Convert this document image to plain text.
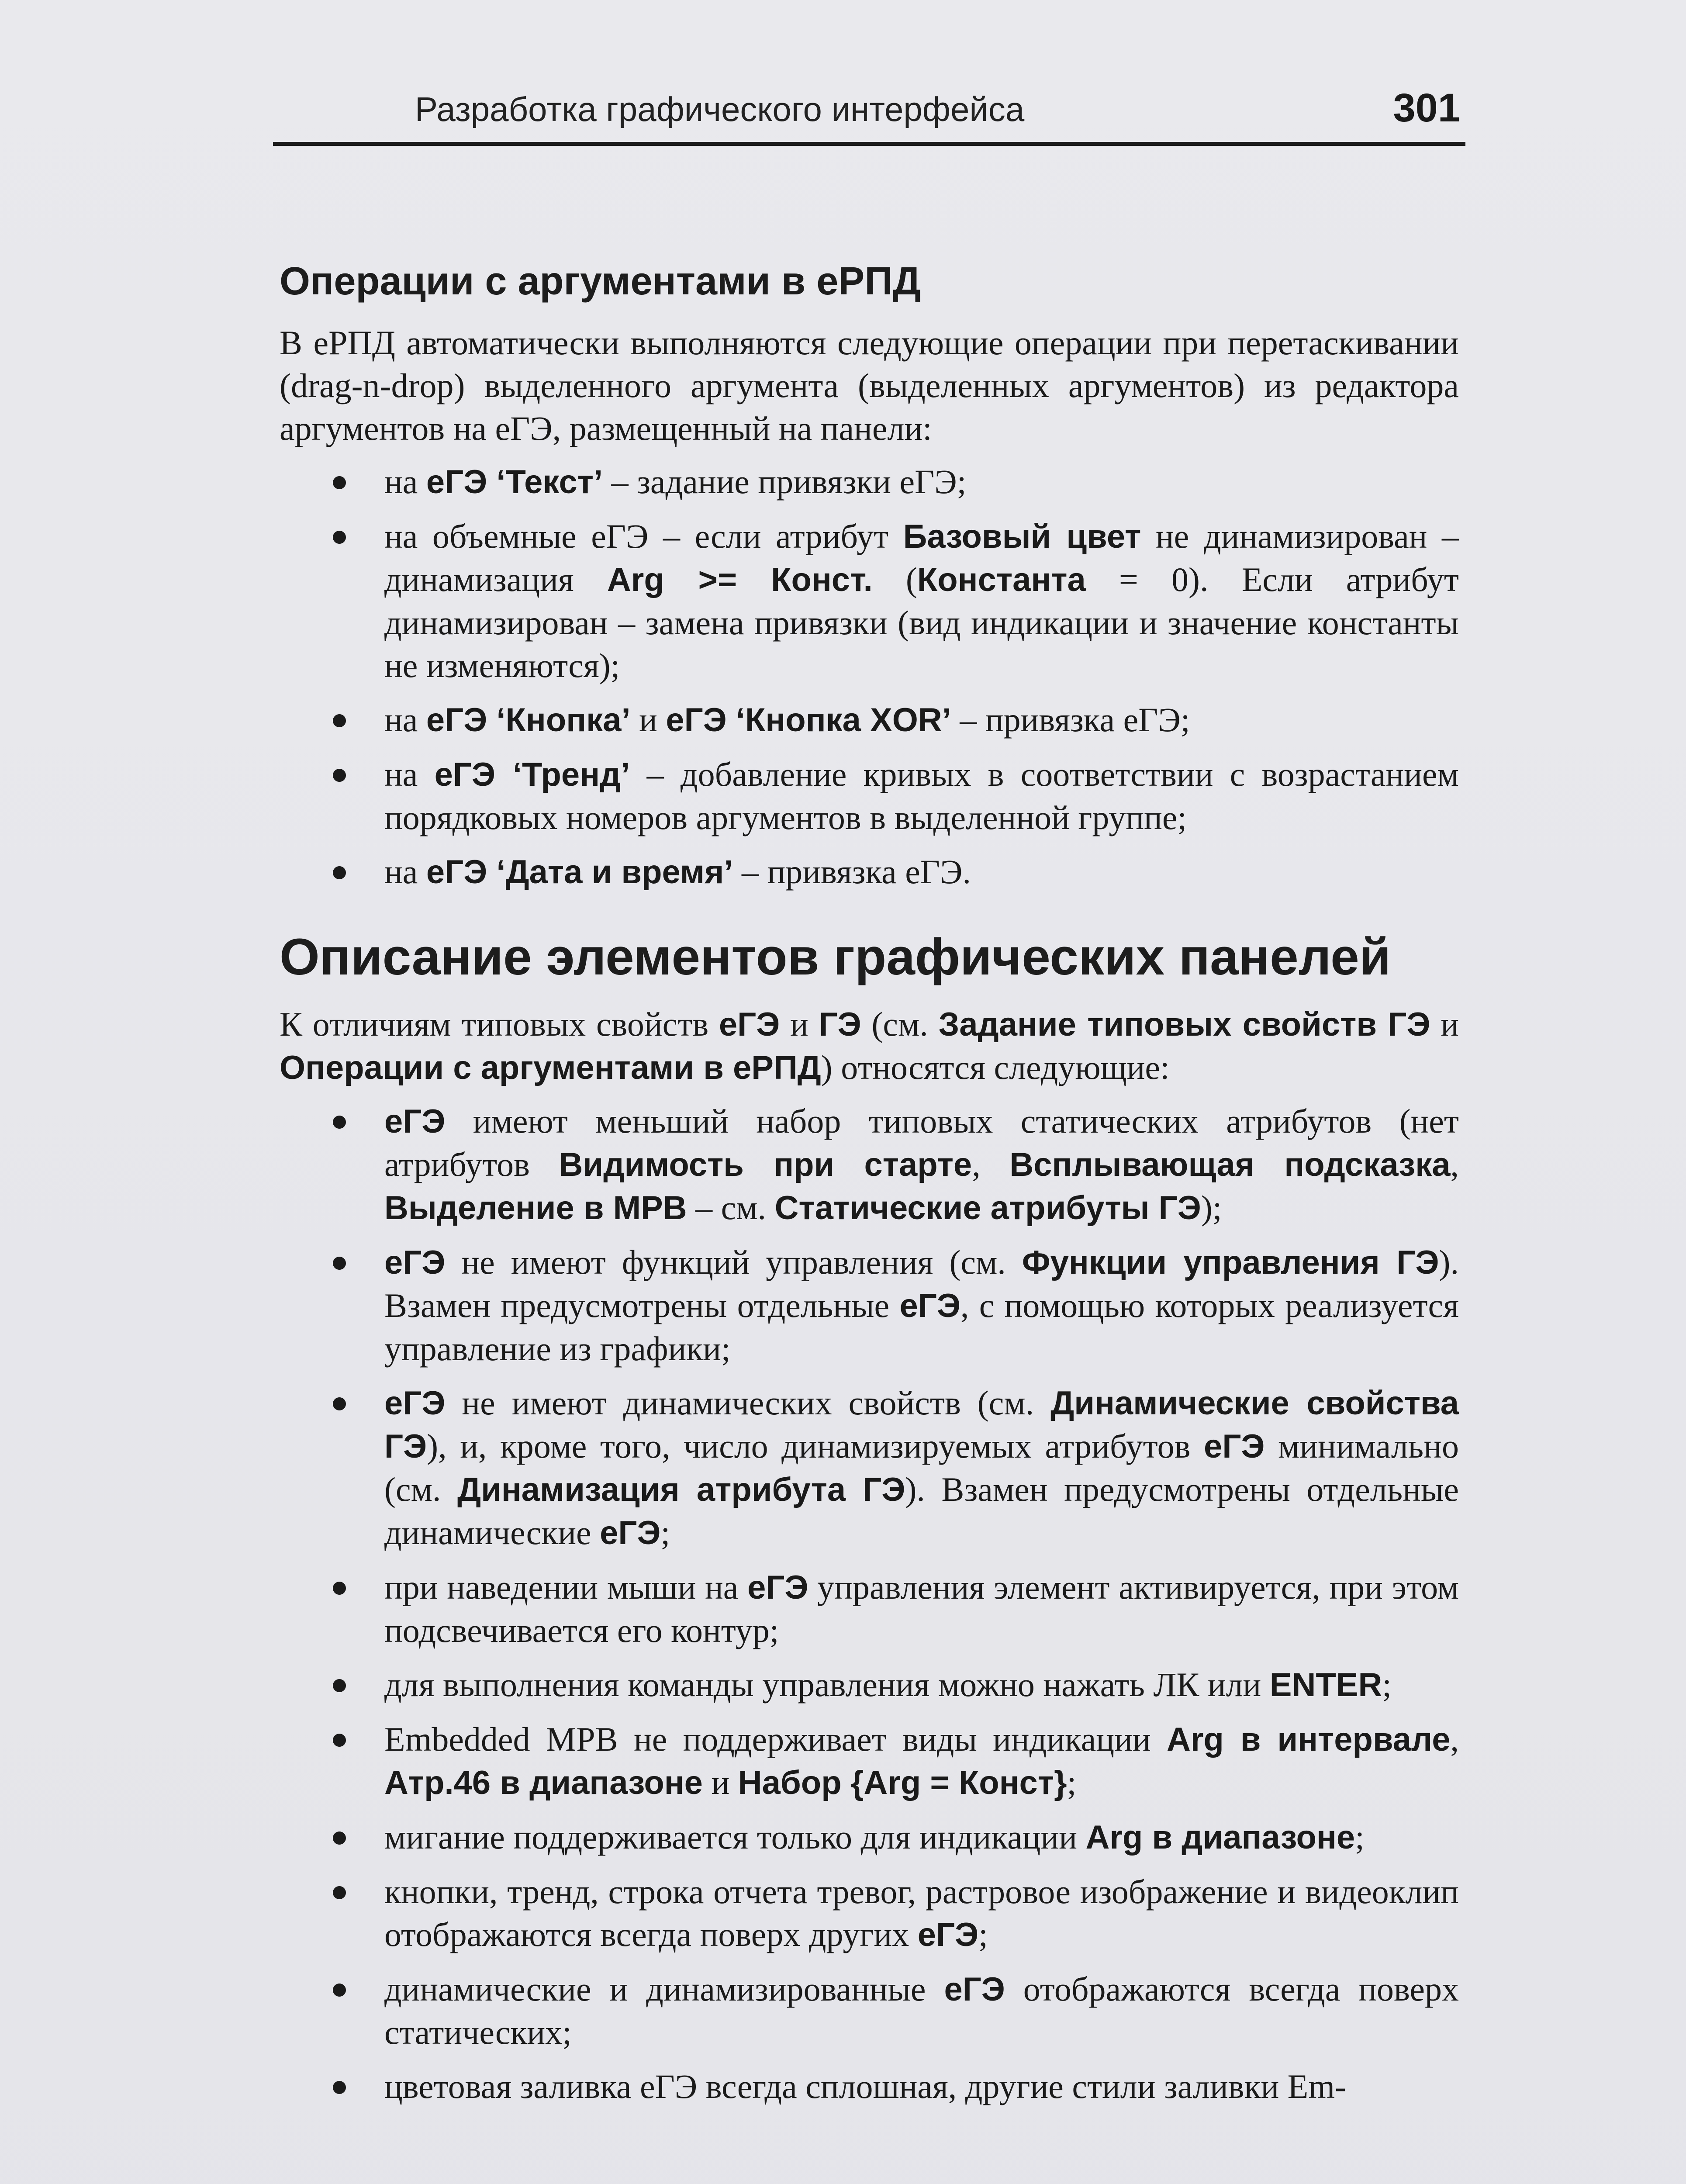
Разработка графического интерфейса	301
Операции с аргументами в еРПД

В еРПД автоматически выполняются следующие операции при перетаскивании (drag-n-drop) выделенного аргумента (выделенных аргументов) из редактора аргументов на еГЭ, размещенный на панели:

на еГЭ ‘Текст’ – задание привязки еГЭ;
на объемные еГЭ – если атрибут Базовый цвет не динамизирован – динамизация Arg >= Конст. (Константа = 0). Если атрибут динамизирован – замена привязки (вид индикации и значение константы не изменяются);
на еГЭ ‘Кнопка’ и еГЭ ‘Кнопка XOR’ – привязка еГЭ;
на еГЭ ‘Тренд’ – добавление кривых в соответствии с возрастанием порядковых номеров аргументов в выделенной группе;
на еГЭ ‘Дата и время’ – привязка еГЭ.
Описание элементов графических панелей

К отличиям типовых свойств еГЭ и ГЭ (см. Задание типовых свойств ГЭ и Операции с аргументами в еРПД) относятся следующие:

еГЭ имеют меньший набор типовых статических атрибутов (нет атрибутов Видимость при старте, Всплывающая подсказка, Выделение в МРВ – см. Статические атрибуты ГЭ);
еГЭ не имеют функций управления (см. Функции управления ГЭ). Взамен предусмотрены отдельные еГЭ, с помощью которых реализуется управление из графики;
еГЭ не имеют динамических свойств (см. Динамические свойства ГЭ), и, кроме того, число динамизируемых атрибутов еГЭ минимально (см. Динамизация атрибута ГЭ). Взамен предусмотрены отдельные динамические еГЭ;
при наведении мыши на еГЭ управления элемент активируется, при этом подсвечивается его контур;
для выполнения команды управления можно нажать ЛК или ENTER;
Embedded MPB не поддерживает виды индикации Arg в интервале, Атр.46 в диапазоне и Набор {Arg = Конст};
мигание поддерживается только для индикации Arg в диапазоне;
кнопки, тренд, строка отчета тревог, растровое изображение и видеоклип отображаются всегда поверх других еГЭ;
динамические и динамизированные еГЭ отображаются всегда поверх статических;
цветовая заливка еГЭ всегда сплошная, другие стили заливки Em-
